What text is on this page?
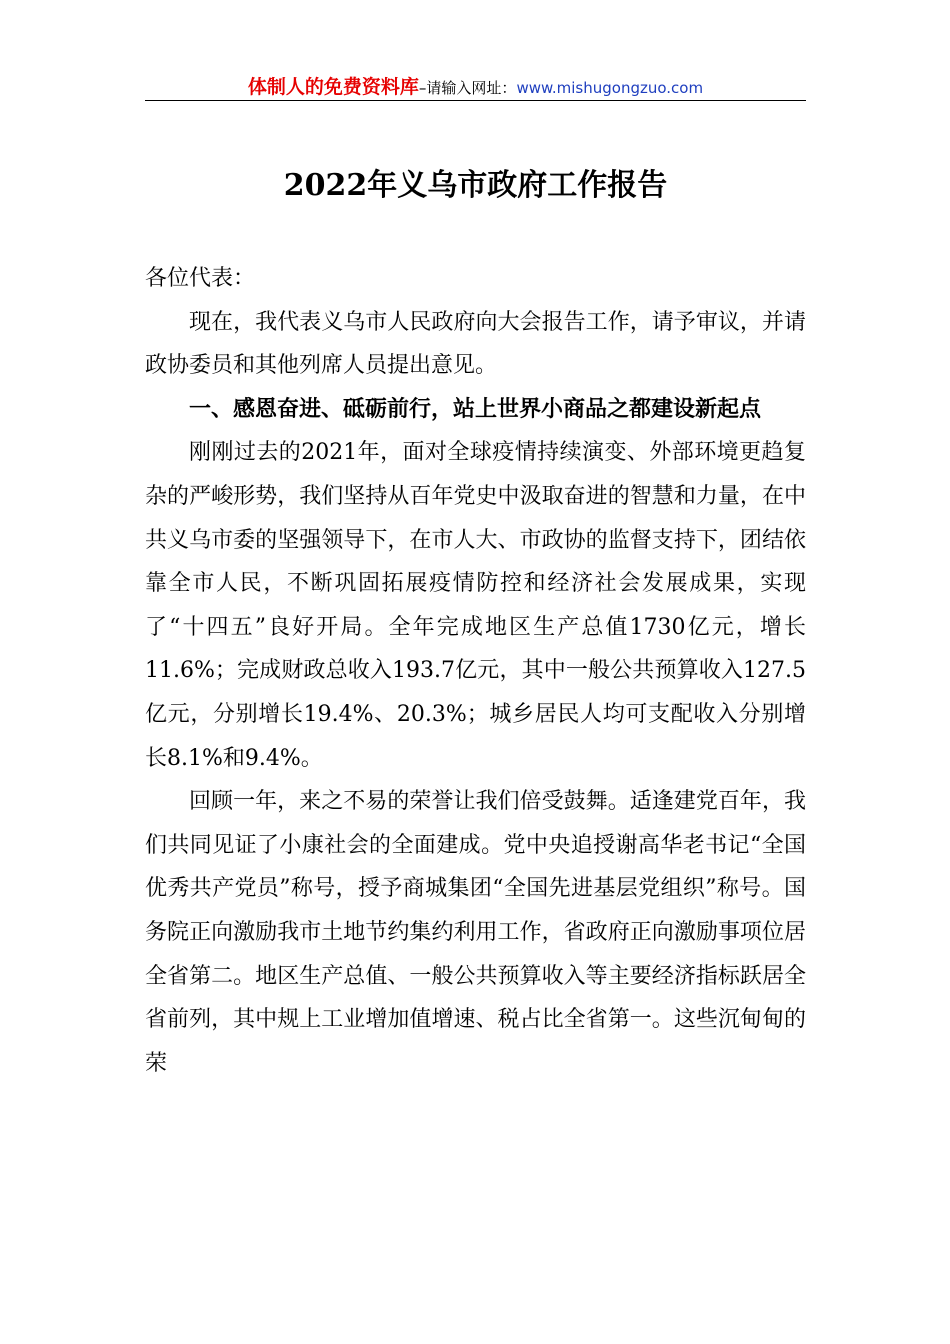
体制人的免费资料库–请输入网址：www.mishugongzuo.com
2022年义乌市政府工作报告

各位代表：

现在，我代表义乌市人民政府向大会报告工作，请予审议，并请政协委员和其他列席人员提出意见。

一、感恩奋进、砥砺前行，站上世界小商品之都建设新起点

刚刚过去的2021年，面对全球疫情持续演变、外部环境更趋复杂的严峻形势，我们坚持从百年党史中汲取奋进的智慧和力量，在中共义乌市委的坚强领导下，在市人大、市政协的监督支持下，团结依靠全市人民，不断巩固拓展疫情防控和经济社会发展成果，实现了“十四五”良好开局。全年完成地区生产总值1730亿元，增长11.6%；完成财政总收入193.7亿元，其中一般公共预算收入127.5亿元，分别增长19.4%、20.3%；城乡居民人均可支配收入分别增长8.1%和9.4%。

回顾一年，来之不易的荣誉让我们倍受鼓舞。适逢建党百年，我们共同见证了小康社会的全面建成。党中央追授谢高华老书记“全国优秀共产党员”称号，授予商城集团“全国先进基层党组织”称号。国务院正向激励我市土地节约集约利用工作，省政府正向激励事项位居全省第二。地区生产总值、一般公共预算收入等主要经济指标跃居全省前列，其中规上工业增加值增速、税占比全省第一。这些沉甸甸的荣
